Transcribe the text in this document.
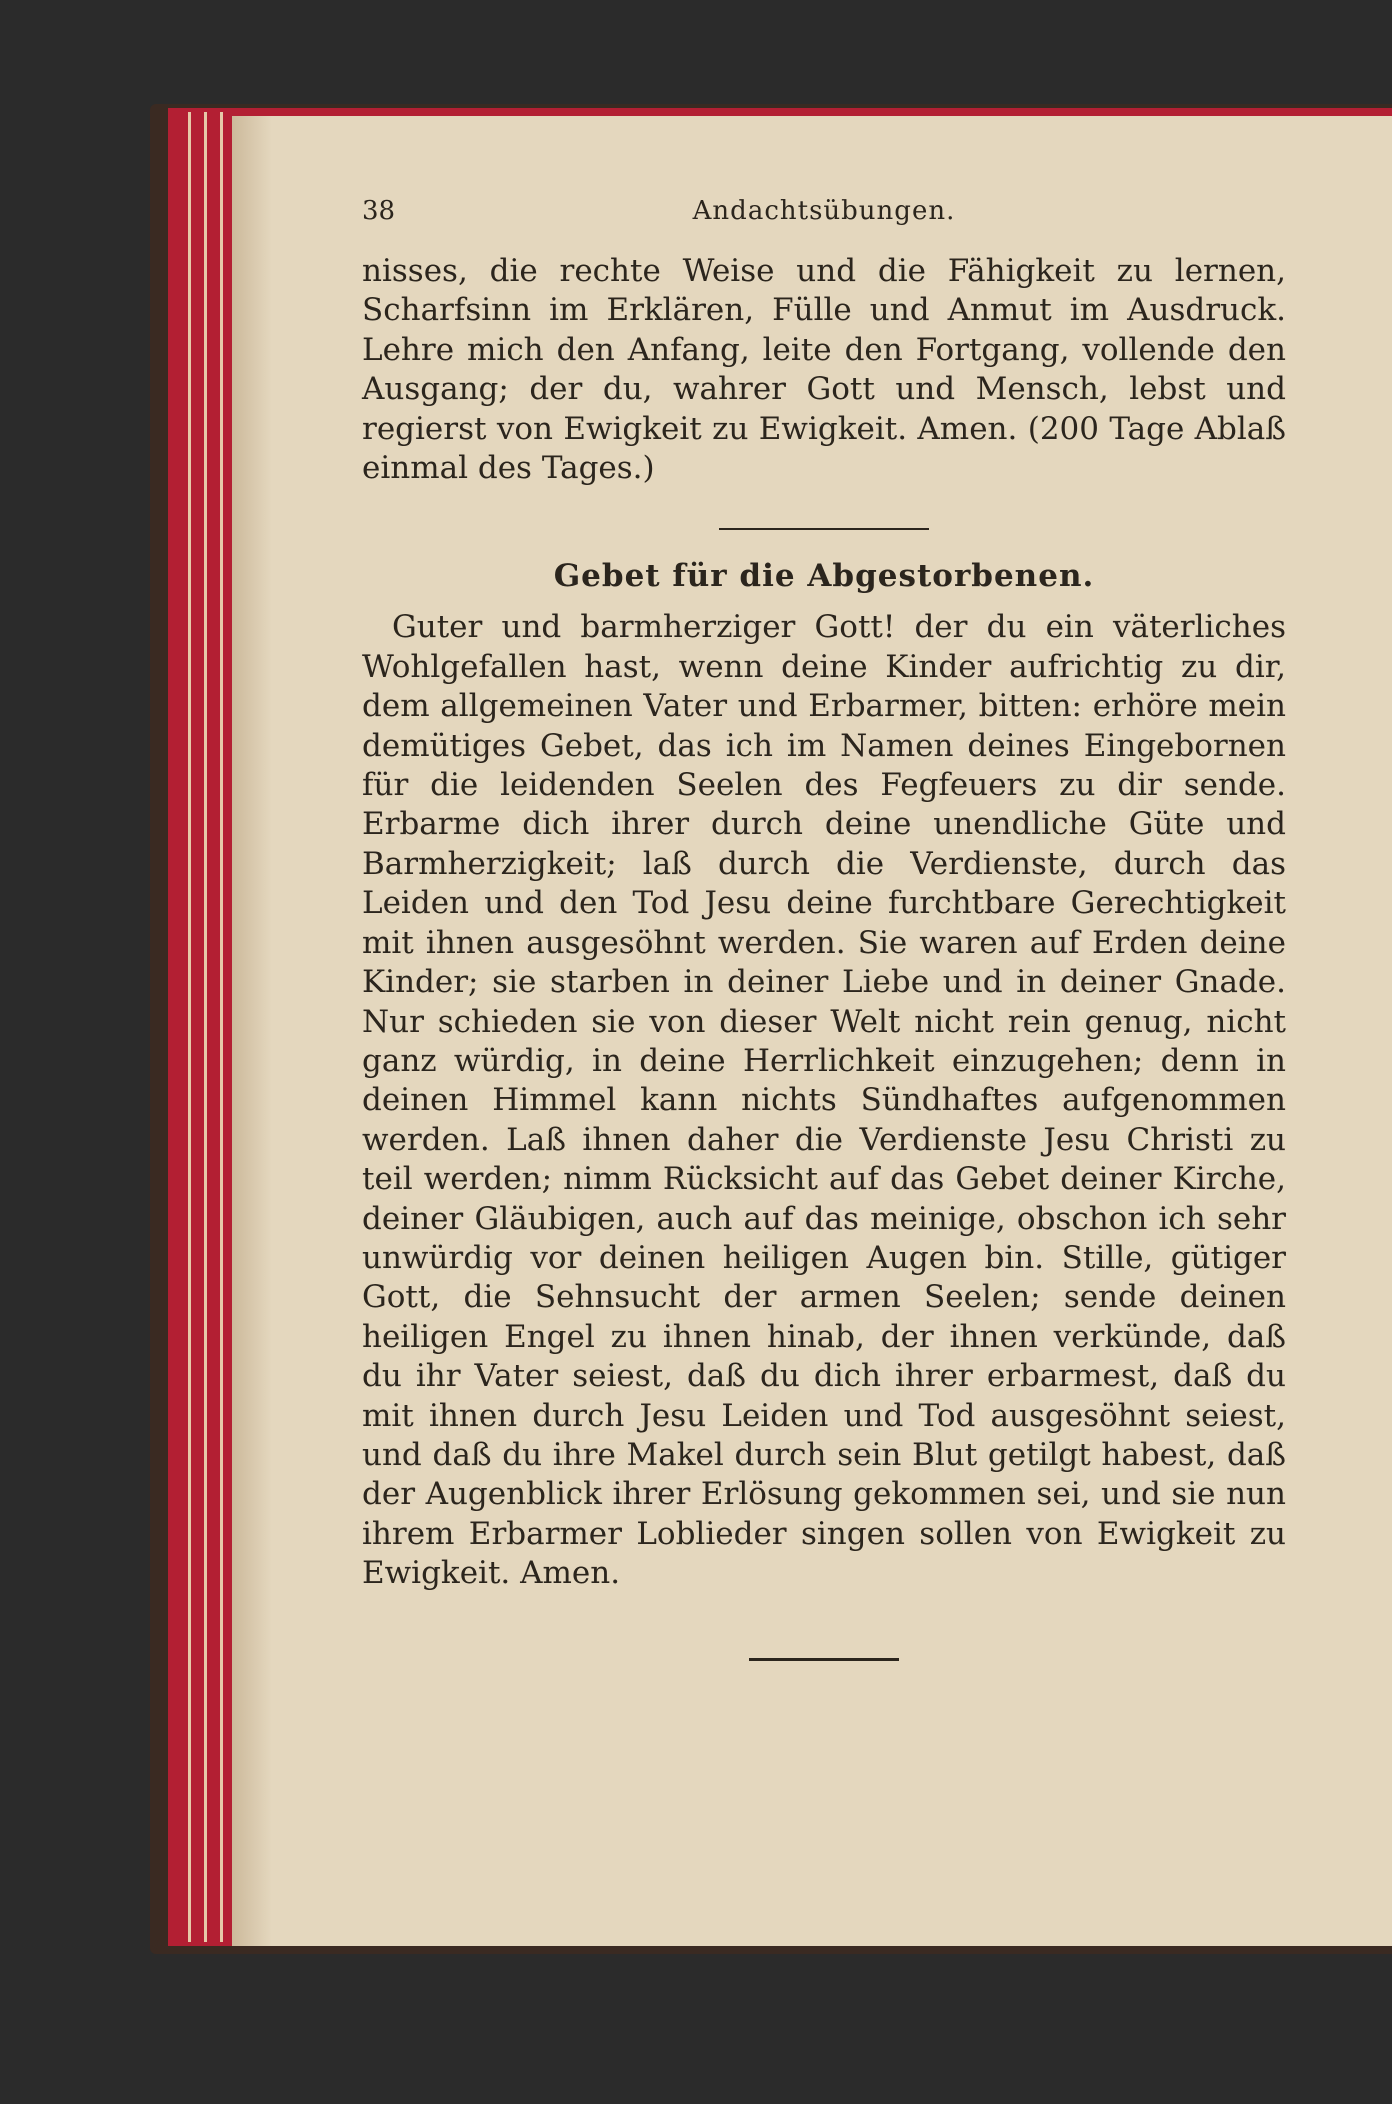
38	Andachtsübungen.

nisses, die rechte Weise und die Fähigkeit zu lernen, Scharfsinn im Erklären, Fülle und Anmut im Ausdruck. Lehre mich den Anfang, leite den Fortgang, vollende den Ausgang; der du, wahrer Gott und Mensch, lebst und regierst von Ewigkeit zu Ewigkeit. Amen. (200 Tage Ablaß einmal des Tages.)

Gebet für die Abgestorbenen.

Guter und barmherziger Gott! der du ein väterliches Wohlgefallen hast, wenn deine Kinder aufrichtig zu dir, dem allgemeinen Vater und Erbarmer, bitten: erhöre mein demütiges Gebet, das ich im Namen deines Eingebornen für die leidenden Seelen des Fegfeuers zu dir sende. Erbarme dich ihrer durch deine unendliche Güte und Barmherzigkeit; laß durch die Verdienste, durch das Leiden und den Tod Jesu deine furchtbare Gerechtigkeit mit ihnen ausgesöhnt werden. Sie waren auf Erden deine Kinder; sie starben in deiner Liebe und in deiner Gnade. Nur schieden sie von dieser Welt nicht rein genug, nicht ganz würdig, in deine Herrlichkeit einzugehen; denn in deinen Himmel kann nichts Sündhaftes aufgenommen werden. Laß ihnen daher die Verdienste Jesu Christi zu teil werden; nimm Rücksicht auf das Gebet deiner Kirche, deiner Gläubigen, auch auf das meinige, obschon ich sehr unwürdig vor deinen heiligen Augen bin. Stille, gütiger Gott, die Sehnsucht der armen Seelen; sende deinen heiligen Engel zu ihnen hinab, der ihnen verkünde, daß du ihr Vater seiest, daß du dich ihrer erbarmest, daß du mit ihnen durch Jesu Leiden und Tod ausgesöhnt seiest, und daß du ihre Makel durch sein Blut getilgt habest, daß der Augenblick ihrer Erlösung gekommen sei, und sie nun ihrem Erbarmer Loblieder singen sollen von Ewigkeit zu Ewigkeit. Amen.
